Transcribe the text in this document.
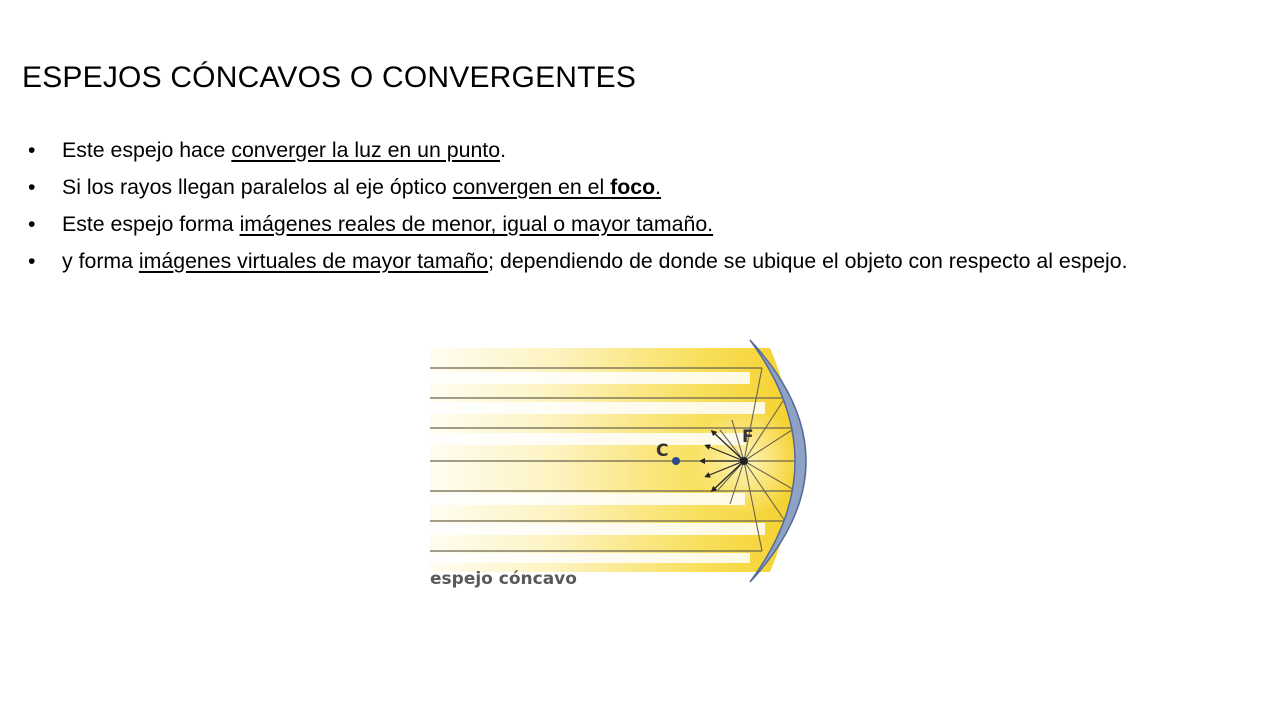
ESPEJOS CÓNCAVOS O CONVERGENTES
• Este espejo hace converger la luz en un punto.
• Si los rayos llegan paralelos al eje óptico convergen en el foco.
• Este espejo forma imágenes reales de menor, igual o mayor tamaño.
• y forma imágenes virtuales de mayor tamaño; dependiendo de donde se ubique el objeto con respecto al espejo.
C
F
espejo cóncavo
